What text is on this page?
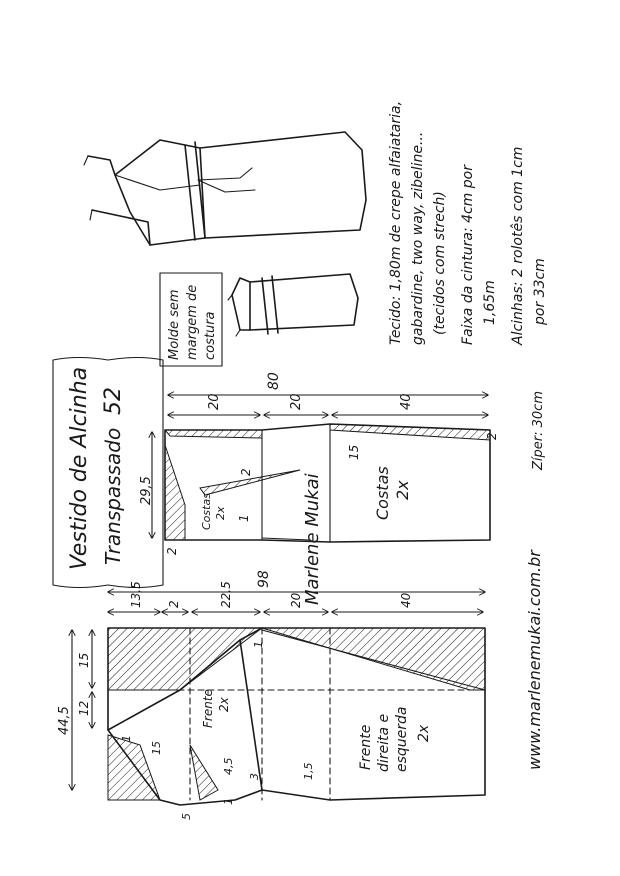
Vestido de Alcinha Transpassado
52
Molde sem margem de costura	Tecido: 1,80m de crepe alfaiataria, gabardine, two way, zibeline... (tecidos com strech) Faixa da cintura: 4cm por 1,65m Alcinhas: 2 rolotês com 1cm por 33cm
Zíper: 30cm
www.marlenemukai.com.br
Marlene Mukai
80
20	20	40
29,5
2
2
2
1
15
Costas 2x	Costas 2x
98
13,5 2	22,5	20	40
44,5
15
12
1
15
4,5
1
5
3	1,5
1
Frente 2x
Frente direita e esquerda 2x
